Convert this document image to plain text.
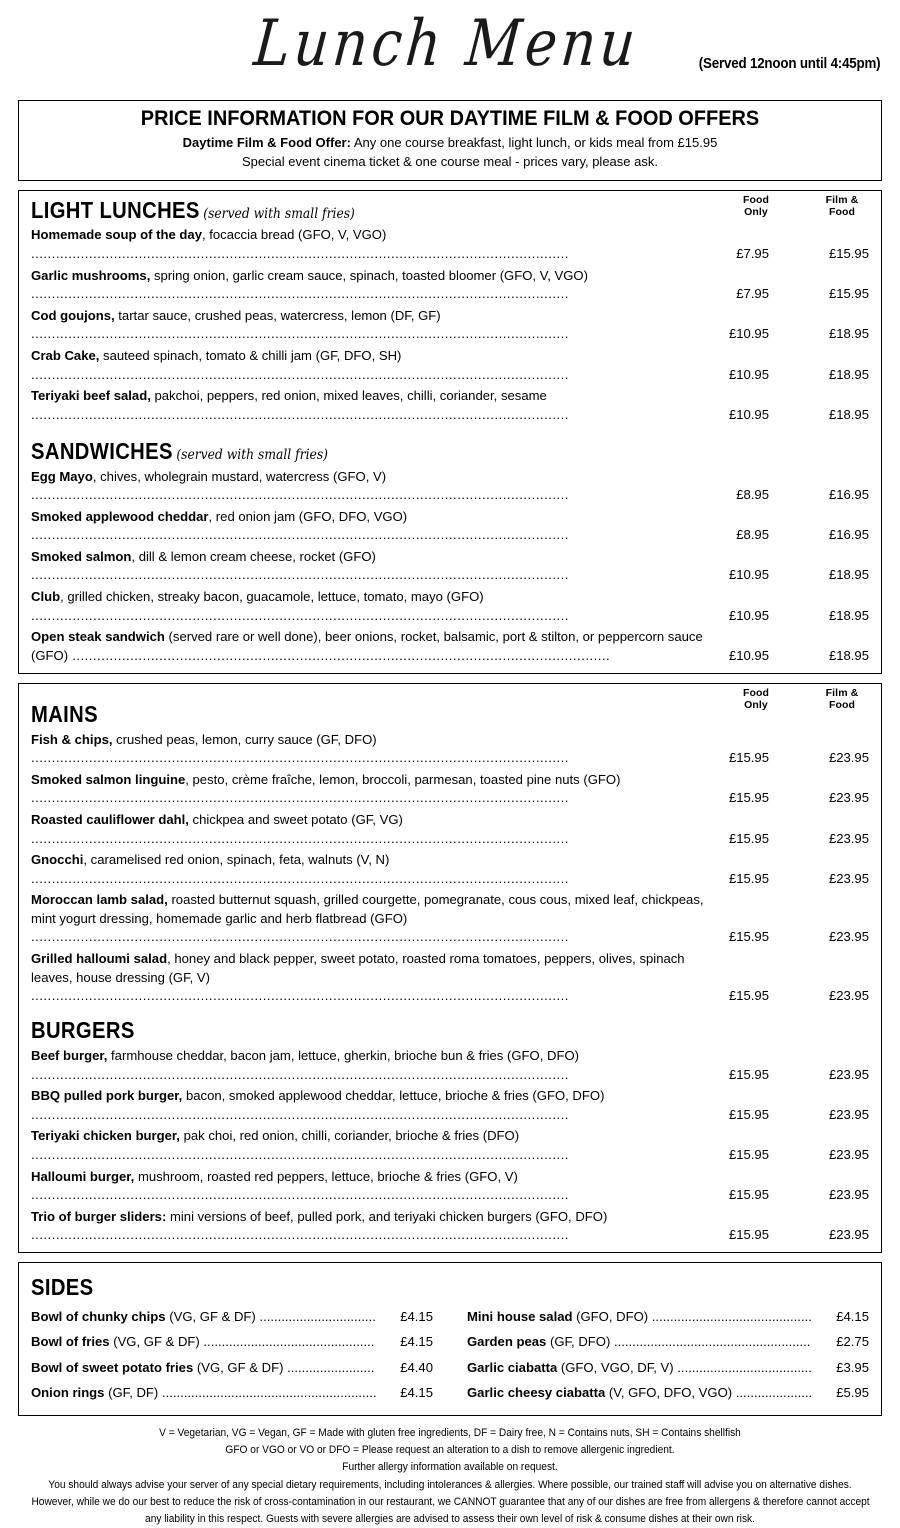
Lunch Menu	(Served 12noon until 4:45pm)
PRICE INFORMATION FOR OUR DAYTIME FILM & FOOD OFFERS
Daytime Film & Food Offer: Any one course breakfast, light lunch, or kids meal from £15.95
Special event cinema ticket & one course meal - prices vary, please ask.
Food
Only
Film &
Food
LIGHT LUNCHES (served with small fries)
Homemade soup of the day, focaccia bread (GFO, V, VGO) ..................................................................................................................................	£7.95	£15.95
Garlic mushrooms, spring onion, garlic cream sauce, spinach, toasted bloomer (GFO, V, VGO) ..................................................................................................................................	£7.95	£15.95
Cod goujons, tartar sauce, crushed peas, watercress, lemon (DF, GF) ..................................................................................................................................	£10.95	£18.95
Crab Cake, sauteed spinach, tomato & chilli jam (GF, DFO, SH) ..................................................................................................................................	£10.95	£18.95
Teriyaki beef salad, pakchoi, peppers, red onion, mixed leaves, chilli, coriander, sesame ..................................................................................................................................	£10.95	£18.95
SANDWICHES (served with small fries)
Egg Mayo, chives, wholegrain mustard, watercress (GFO, V) ..................................................................................................................................	£8.95	£16.95
Smoked applewood cheddar, red onion jam (GFO, DFO, VGO) ..................................................................................................................................	£8.95	£16.95
Smoked salmon, dill & lemon cream cheese, rocket (GFO) ..................................................................................................................................	£10.95	£18.95
Club, grilled chicken, streaky bacon, guacamole, lettuce, tomato, mayo (GFO) ..................................................................................................................................	£10.95	£18.95
Open steak sandwich (served rare or well done), beer onions, rocket, balsamic, port & stilton, or peppercorn sauce (GFO) ..................................................................................................................................	£10.95	£18.95
Food
Only
Film &
Food
MAINS
Fish & chips, crushed peas, lemon, curry sauce (GF, DFO) ..................................................................................................................................	£15.95	£23.95
Smoked salmon linguine, pesto, crème fraîche, lemon, broccoli, parmesan, toasted pine nuts (GFO) ..................................................................................................................................	£15.95	£23.95
Roasted cauliflower dahl, chickpea and sweet potato (GF, VG) ..................................................................................................................................	£15.95	£23.95
Gnocchi, caramelised red onion, spinach, feta, walnuts (V, N) ..................................................................................................................................	£15.95	£23.95
Moroccan lamb salad, roasted butternut squash, grilled courgette, pomegranate, cous cous, mixed leaf, chickpeas, mint yogurt dressing, homemade garlic and herb flatbread (GFO) ..................................................................................................................................	£15.95	£23.95
Grilled halloumi salad, honey and black pepper, sweet potato, roasted roma tomatoes, peppers, olives, spinach leaves, house dressing (GF, V) ..................................................................................................................................	£15.95	£23.95
BURGERS
Beef burger, farmhouse cheddar, bacon jam, lettuce, gherkin, brioche bun & fries (GFO, DFO) ..................................................................................................................................	£15.95	£23.95
BBQ pulled pork burger, bacon, smoked applewood cheddar, lettuce, brioche & fries (GFO, DFO) ..................................................................................................................................	£15.95	£23.95
Teriyaki chicken burger, pak choi, red onion, chilli, coriander, brioche & fries (DFO) ..................................................................................................................................	£15.95	£23.95
Halloumi burger, mushroom, roasted red peppers, lettuce, brioche & fries (GFO, V) ..................................................................................................................................	£15.95	£23.95
Trio of burger sliders: mini versions of beef, pulled pork, and teriyaki chicken burgers (GFO, DFO) ..................................................................................................................................	£15.95	£23.95
SIDES
Bowl of chunky chips (VG, GF & DF) ................................	£4.15
Bowl of fries (VG, GF & DF) ...............................................	£4.15
Bowl of sweet potato fries (VG, GF & DF) ........................	£4.40
Onion rings (GF, DF) ...........................................................	£4.15
Mini house salad (GFO, DFO) ............................................	£4.15
Garden peas (GF, DFO) ......................................................	£2.75
Garlic ciabatta (GFO, VGO, DF, V) .....................................	£3.95
Garlic cheesy ciabatta (V, GFO, DFO, VGO) .....................	£5.95
V = Vegetarian, VG = Vegan, GF = Made with gluten free ingredients, DF = Dairy free, N = Contains nuts, SH = Contains shellfish
GFO or VGO or VO or DFO = Please request an alteration to a dish to remove allergenic ingredient.
Further allergy information available on request.
You should always advise your server of any special dietary requirements, including intolerances & allergies. Where possible, our trained staff will advise you on alternative dishes.
However, while we do our best to reduce the risk of cross-contamination in our restaurant, we CANNOT guarantee that any of our dishes are free from allergens & therefore cannot accept
any liability in this respect. Guests with severe allergies are advised to assess their own level of risk & consume dishes at their own risk.
